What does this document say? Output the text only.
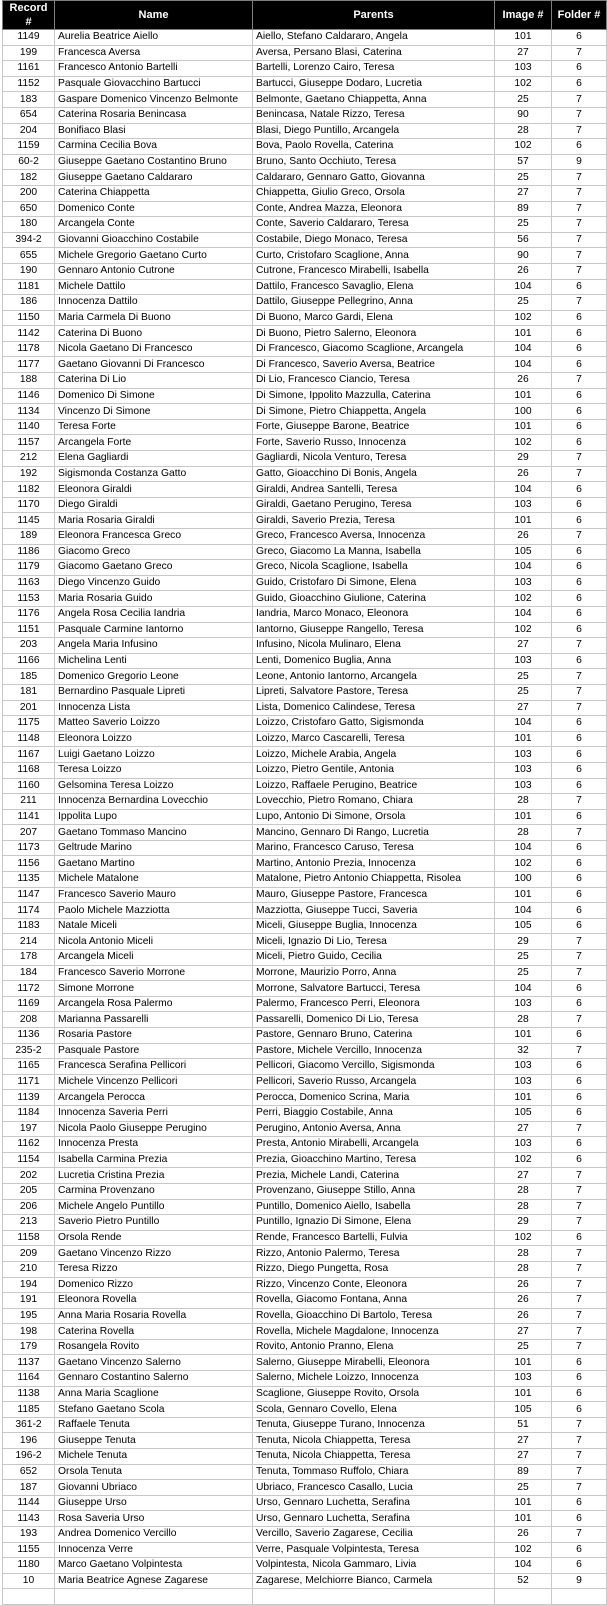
Record #	Name	Parents	Image #	Folder #
1149	Aurelia Beatrice Aiello	Aiello, Stefano Caldararo, Angela	101	6
199	Francesca Aversa	Aversa, Persano Blasi, Caterina	27	7
1161	Francesco Antonio Bartelli	Bartelli, Lorenzo Cairo, Teresa	103	6
1152	Pasquale Giovacchino Bartucci	Bartucci, Giuseppe Dodaro, Lucretia	102	6
183	Gaspare Domenico Vincenzo Belmonte	Belmonte, Gaetano Chiappetta, Anna	25	7
654	Caterina Rosaria Benincasa	Benincasa, Natale Rizzo, Teresa	90	7
204	Bonifiaco Blasi	Blasi, Diego Puntillo, Arcangela	28	7
1159	Carmina Cecilia Bova	Bova, Paolo Rovella, Caterina	102	6
60-2	Giuseppe Gaetano Costantino Bruno	Bruno, Santo Occhiuto, Teresa	57	9
182	Giuseppe Gaetano Caldararo	Caldararo, Gennaro Gatto, Giovanna	25	7
200	Caterina Chiappetta	Chiappetta, Giulio Greco, Orsola	27	7
650	Domenico Conte	Conte, Andrea Mazza, Eleonora	89	7
180	Arcangela Conte	Conte, Saverio Caldararo, Teresa	25	7
394-2	Giovanni Gioacchino Costabile	Costabile, Diego Monaco, Teresa	56	7
655	Michele Gregorio Gaetano Curto	Curto, Cristofaro Scaglione, Anna	90	7
190	Gennaro Antonio Cutrone	Cutrone, Francesco Mirabelli, Isabella	26	7
1181	Michele Dattilo	Dattilo, Francesco Savaglio, Elena	104	6
186	Innocenza Dattilo	Dattilo, Giuseppe Pellegrino, Anna	25	7
1150	Maria Carmela Di Buono	Di Buono, Marco Gardi, Elena	102	6
1142	Caterina Di Buono	Di Buono, Pietro Salerno, Eleonora	101	6
1178	Nicola Gaetano Di Francesco	Di Francesco, Giacomo Scaglione, Arcangela	104	6
1177	Gaetano Giovanni Di Francesco	Di Francesco, Saverio Aversa, Beatrice	104	6
188	Caterina Di Lio	Di Lio, Francesco Ciancio, Teresa	26	7
1146	Domenico Di Simone	Di Simone, Ippolito Mazzulla, Caterina	101	6
1134	Vincenzo Di Simone	Di Simone, Pietro Chiappetta, Angela	100	6
1140	Teresa Forte	Forte, Giuseppe Barone, Beatrice	101	6
1157	Arcangela Forte	Forte, Saverio Russo, Innocenza	102	6
212	Elena Gagliardi	Gagliardi, Nicola Venturo, Teresa	29	7
192	Sigismonda Costanza Gatto	Gatto, Gioacchino Di Bonis, Angela	26	7
1182	Eleonora Giraldi	Giraldi, Andrea Santelli, Teresa	104	6
1170	Diego Giraldi	Giraldi, Gaetano Perugino, Teresa	103	6
1145	Maria Rosaria Giraldi	Giraldi, Saverio Prezia, Teresa	101	6
189	Eleonora Francesca Greco	Greco, Francesco Aversa, Innocenza	26	7
1186	Giacomo Greco	Greco, Giacomo La Manna, Isabella	105	6
1179	Giacomo Gaetano Greco	Greco, Nicola Scaglione, Isabella	104	6
1163	Diego Vincenzo Guido	Guido, Cristofaro Di Simone, Elena	103	6
1153	Maria Rosaria Guido	Guido, Gioacchino Giulione, Caterina	102	6
1176	Angela Rosa Cecilia Iandria	Iandria, Marco Monaco, Eleonora	104	6
1151	Pasquale Carmine Iantorno	Iantorno, Giuseppe Rangello, Teresa	102	6
203	Angela Maria Infusino	Infusino, Nicola Mulinaro, Elena	27	7
1166	Michelina Lenti	Lenti, Domenico Buglia, Anna	103	6
185	Domenico Gregorio Leone	Leone, Antonio Iantorno, Arcangela	25	7
181	Bernardino Pasquale Lipreti	Lipreti, Salvatore Pastore, Teresa	25	7
201	Innocenza Lista	Lista, Domenico Calindese, Teresa	27	7
1175	Matteo Saverio Loizzo	Loizzo, Cristofaro Gatto, Sigismonda	104	6
1148	Eleonora Loizzo	Loizzo, Marco Cascarelli, Teresa	101	6
1167	Luigi Gaetano Loizzo	Loizzo, Michele Arabia, Angela	103	6
1168	Teresa Loizzo	Loizzo, Pietro Gentile, Antonia	103	6
1160	Gelsomina Teresa Loizzo	Loizzo, Raffaele Perugino, Beatrice	103	6
211	Innocenza Bernardina Lovecchio	Lovecchio, Pietro Romano, Chiara	28	7
1141	Ippolita Lupo	Lupo, Antonio Di Simone, Orsola	101	6
207	Gaetano Tommaso Mancino	Mancino, Gennaro Di Rango, Lucretia	28	7
1173	Geltrude Marino	Marino, Francesco Caruso, Teresa	104	6
1156	Gaetano Martino	Martino, Antonio Prezia, Innocenza	102	6
1135	Michele Matalone	Matalone, Pietro Antonio Chiappetta, Risolea	100	6
1147	Francesco Saverio Mauro	Mauro, Giuseppe Pastore, Francesca	101	6
1174	Paolo Michele Mazziotta	Mazziotta, Giuseppe Tucci, Saveria	104	6
1183	Natale Miceli	Miceli, Giuseppe Buglia, Innocenza	105	6
214	Nicola Antonio Miceli	Miceli, Ignazio Di Lio, Teresa	29	7
178	Arcangela Miceli	Miceli, Pietro Guido, Cecilia	25	7
184	Francesco Saverio Morrone	Morrone, Maurizio Porro, Anna	25	7
1172	Simone Morrone	Morrone, Salvatore Bartucci, Teresa	104	6
1169	Arcangela Rosa Palermo	Palermo, Francesco Perri, Eleonora	103	6
208	Marianna Passarelli	Passarelli, Domenico Di Lio, Teresa	28	7
1136	Rosaria Pastore	Pastore, Gennaro Bruno, Caterina	101	6
235-2	Pasquale Pastore	Pastore, Michele Vercillo, Innocenza	32	7
1165	Francesca Serafina Pellicori	Pellicori, Giacomo Vercillo, Sigismonda	103	6
1171	Michele Vincenzo Pellicori	Pellicori, Saverio Russo, Arcangela	103	6
1139	Arcangela Perocca	Perocca, Domenico Scrina, Maria	101	6
1184	Innocenza Saveria Perri	Perri, Biaggio Costabile, Anna	105	6
197	Nicola Paolo Giuseppe Perugino	Perugino, Antonio Aversa, Anna	27	7
1162	Innocenza Presta	Presta, Antonio Mirabelli, Arcangela	103	6
1154	Isabella Carmina Prezia	Prezia, Gioacchino Martino, Teresa	102	6
202	Lucretia Cristina Prezia	Prezia, Michele Landi, Caterina	27	7
205	Carmina Provenzano	Provenzano, Giuseppe Stillo, Anna	28	7
206	Michele Angelo Puntillo	Puntillo, Domenico Aiello, Isabella	28	7
213	Saverio Pietro Puntillo	Puntillo, Ignazio Di Simone, Elena	29	7
1158	Orsola Rende	Rende, Francesco Bartelli, Fulvia	102	6
209	Gaetano Vincenzo Rizzo	Rizzo, Antonio Palermo, Teresa	28	7
210	Teresa Rizzo	Rizzo, Diego Pungetta, Rosa	28	7
194	Domenico Rizzo	Rizzo, Vincenzo Conte, Eleonora	26	7
191	Eleonora Rovella	Rovella, Giacomo Fontana, Anna	26	7
195	Anna Maria Rosaria Rovella	Rovella, Gioacchino Di Bartolo, Teresa	26	7
198	Caterina Rovella	Rovella, Michele Magdalone, Innocenza	27	7
179	Rosangela Rovito	Rovito, Antonio Pranno, Elena	25	7
1137	Gaetano Vincenzo Salerno	Salerno, Giuseppe Mirabelli, Eleonora	101	6
1164	Gennaro Costantino Salerno	Salerno, Michele Loizzo, Innocenza	103	6
1138	Anna Maria Scaglione	Scaglione, Giuseppe Rovito, Orsola	101	6
1185	Stefano Gaetano Scola	Scola, Gennaro Covello, Elena	105	6
361-2	Raffaele Tenuta	Tenuta, Giuseppe Turano, Innocenza	51	7
196	Giuseppe Tenuta	Tenuta, Nicola Chiappetta, Teresa	27	7
196-2	Michele Tenuta	Tenuta, Nicola Chiappetta, Teresa	27	7
652	Orsola Tenuta	Tenuta, Tommaso Ruffolo, Chiara	89	7
187	Giovanni Ubriaco	Ubriaco, Francesco Casallo, Lucia	25	7
1144	Giuseppe Urso	Urso, Gennaro Luchetta, Serafina	101	6
1143	Rosa Saveria Urso	Urso, Gennaro Luchetta, Serafina	101	6
193	Andrea Domenico Vercillo	Vercillo, Saverio Zagarese, Cecilia	26	7
1155	Innocenza Verre	Verre, Pasquale Volpintesta, Teresa	102	6
1180	Marco Gaetano Volpintesta	Volpintesta, Nicola Gammaro, Livia	104	6
10	Maria Beatrice Agnese Zagarese	Zagarese, Melchiorre Bianco, Carmela	52	9
